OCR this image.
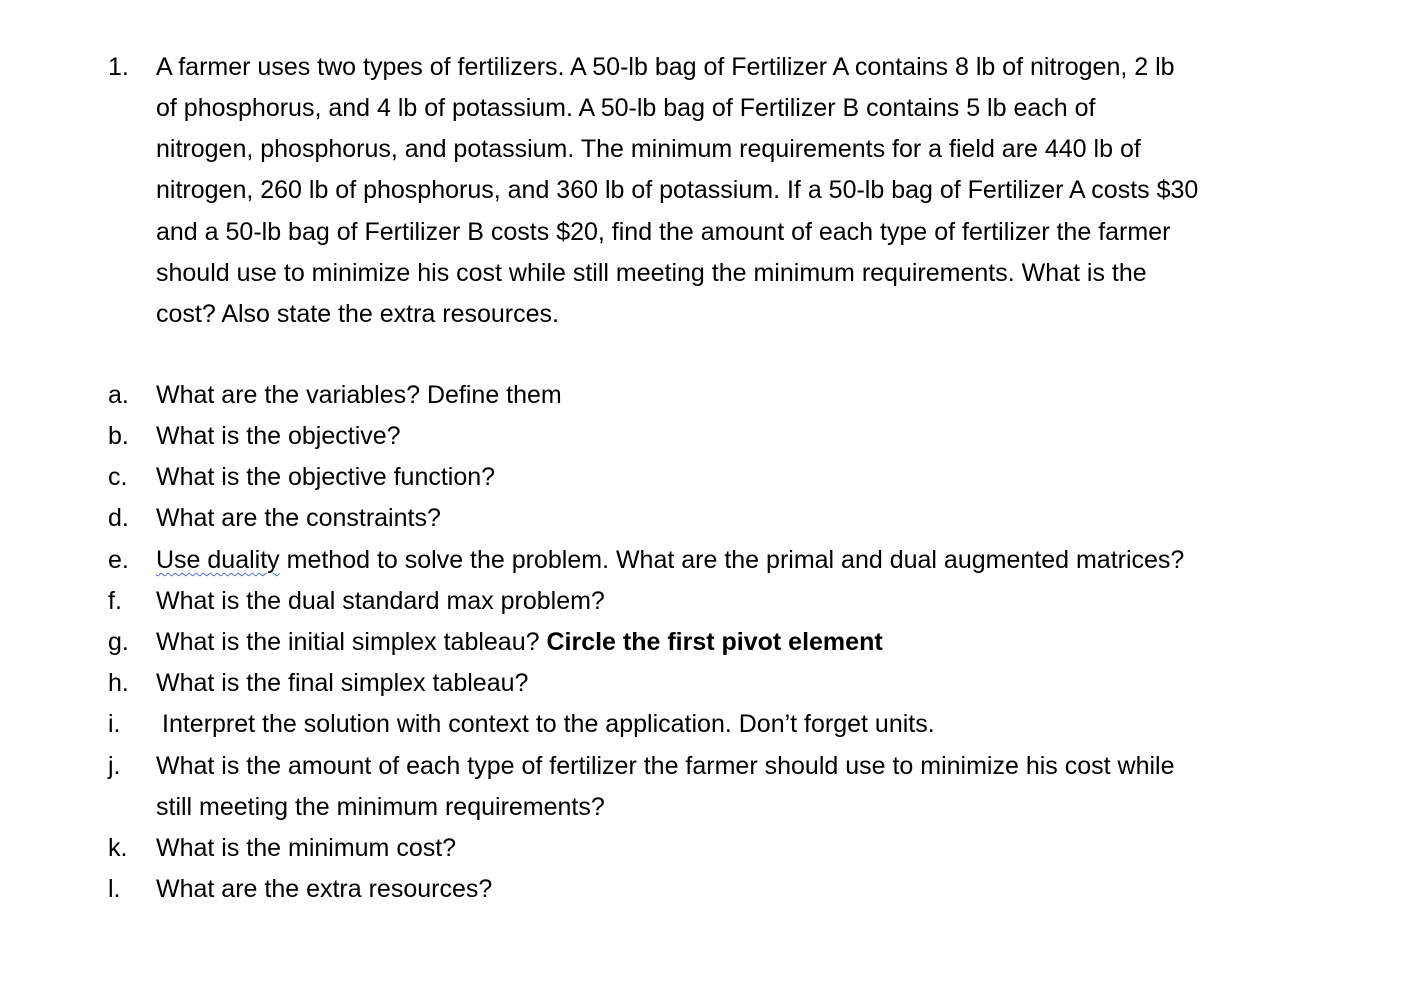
1. A farmer uses two types of fertilizers. A 50-lb bag of Fertilizer A contains 8 lb of nitrogen, 2 lb
of phosphorus, and 4 lb of potassium. A 50-lb bag of Fertilizer B contains 5 lb each of
nitrogen, phosphorus, and potassium. The minimum requirements for a field are 440 lb of
nitrogen, 260 lb of phosphorus, and 360 lb of potassium. If a 50-lb bag of Fertilizer A costs $30
and a 50-lb bag of Fertilizer B costs $20, find the amount of each type of fertilizer the farmer
should use to minimize his cost while still meeting the minimum requirements. What is the
cost? Also state the extra resources.
a. What are the variables? Define them
b. What is the objective?
c. What is the objective function?
d. What are the constraints?
e. Use duality method to solve the problem. What are the primal and dual augmented matrices?
f. What is the dual standard max problem?
g. What is the initial simplex tableau? Circle the first pivot element
h. What is the final simplex tableau?
i. Interpret the solution with context to the application. Don’t forget units.
j. What is the amount of each type of fertilizer the farmer should use to minimize his cost while
still meeting the minimum requirements?
k. What is the minimum cost?
l. What are the extra resources?
